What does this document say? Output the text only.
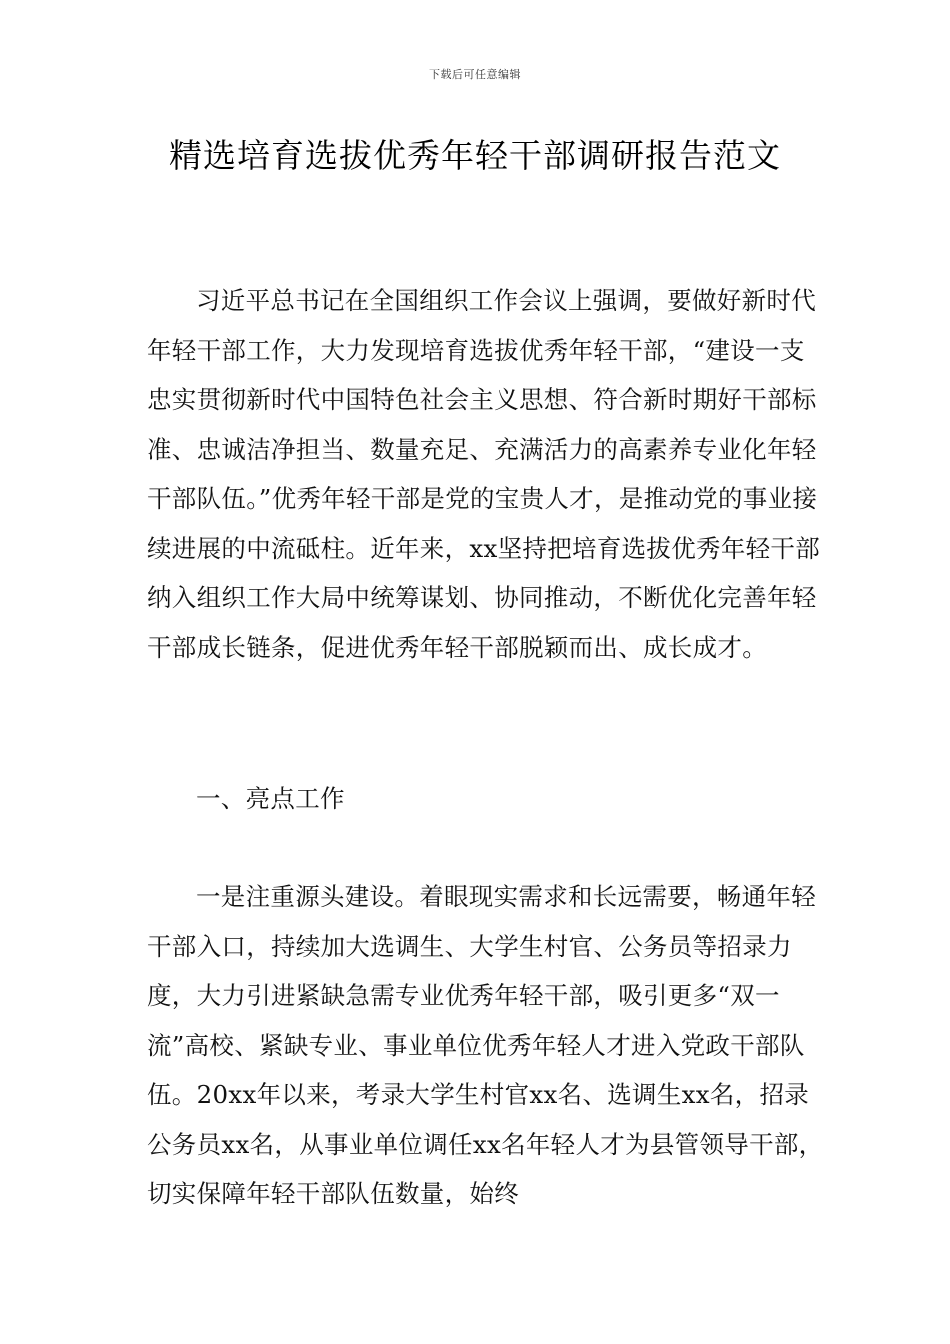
下载后可任意编辑
精选培育选拔优秀年轻干部调研报告范文

习近平总书记在全国组织工作会议上强调，要做好新时代年轻干部工作，大力发现培育选拔优秀年轻干部，“建设一支忠实贯彻新时代中国特色社会主义思想、符合新时期好干部标准、忠诚洁净担当、数量充足、充满活力的高素养专业化年轻干部队伍。”优秀年轻干部是党的宝贵人才，是推动党的事业接续进展的中流砥柱。近年来，xx坚持把培育选拔优秀年轻干部纳入组织工作大局中统筹谋划、协同推动，不断优化完善年轻干部成长链条，促进优秀年轻干部脱颖而出、成长成才。

一、亮点工作

一是注重源头建设。着眼现实需求和长远需要，畅通年轻干部入口，持续加大选调生、大学生村官、公务员等招录力度，大力引进紧缺急需专业优秀年轻干部，吸引更多“双一流”高校、紧缺专业、事业单位优秀年轻人才进入党政干部队伍。20xx年以来，考录大学生村官xx名、选调生xx名，招录公务员xx名，从事业单位调任xx名年轻人才为县管领导干部，切实保障年轻干部队伍数量，始终
